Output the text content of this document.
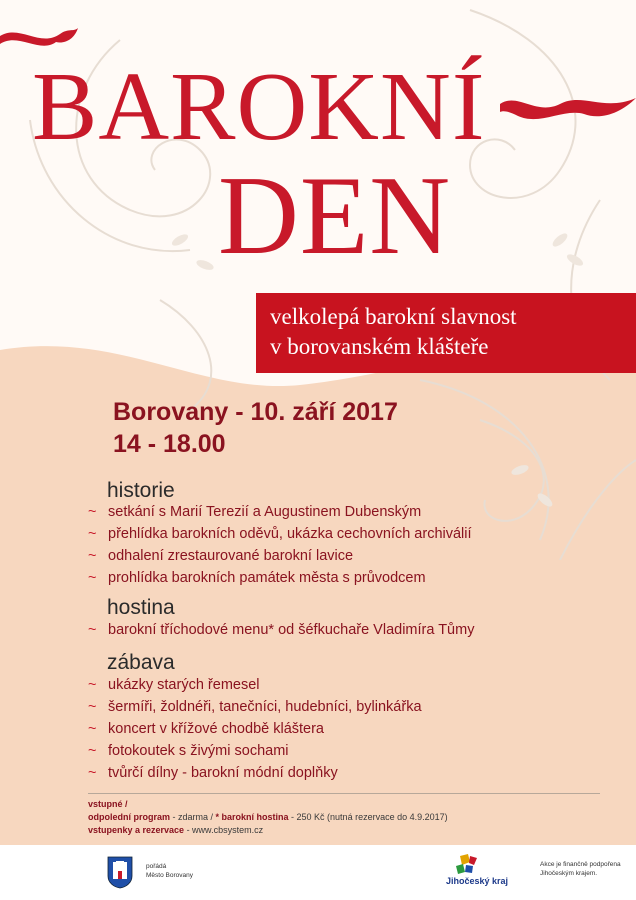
BAROKNÍ
DEN
velkolepá barokní slavnost
v borovanském klášteře
Borovany - 10. září 2017
14 - 18.00
historie
~ setkání s Marií Terezií a Augustinem Dubenským
~ přehlídka barokních oděvů, ukázka cechovních archiválií
~ odhalení zrestaurované barokní lavice
~ prohlídka barokních památek města s průvodcem
hostina
~ barokní tříchodové menu* od šéfkuchaře Vladimíra Tůmy
zábava
~ ukázky starých řemesel
~ šermíři, žoldnéři, tanečníci, hudebníci, bylinkářka
~ koncert v křížové chodbě kláštera
~ fotokoutek s živými sochami
~ tvůrčí dílny - barokní módní doplňky
vstupné /
odpolední program - zdarma / * barokní hostina - 250 Kč (nutná rezervace do 4.9.2017)
vstupenky a rezervace - www.cbsystem.cz
pořádá
Město Borovany
Jihočeský kraj
Akce je finančně podpořena
Jihočeským krajem.
